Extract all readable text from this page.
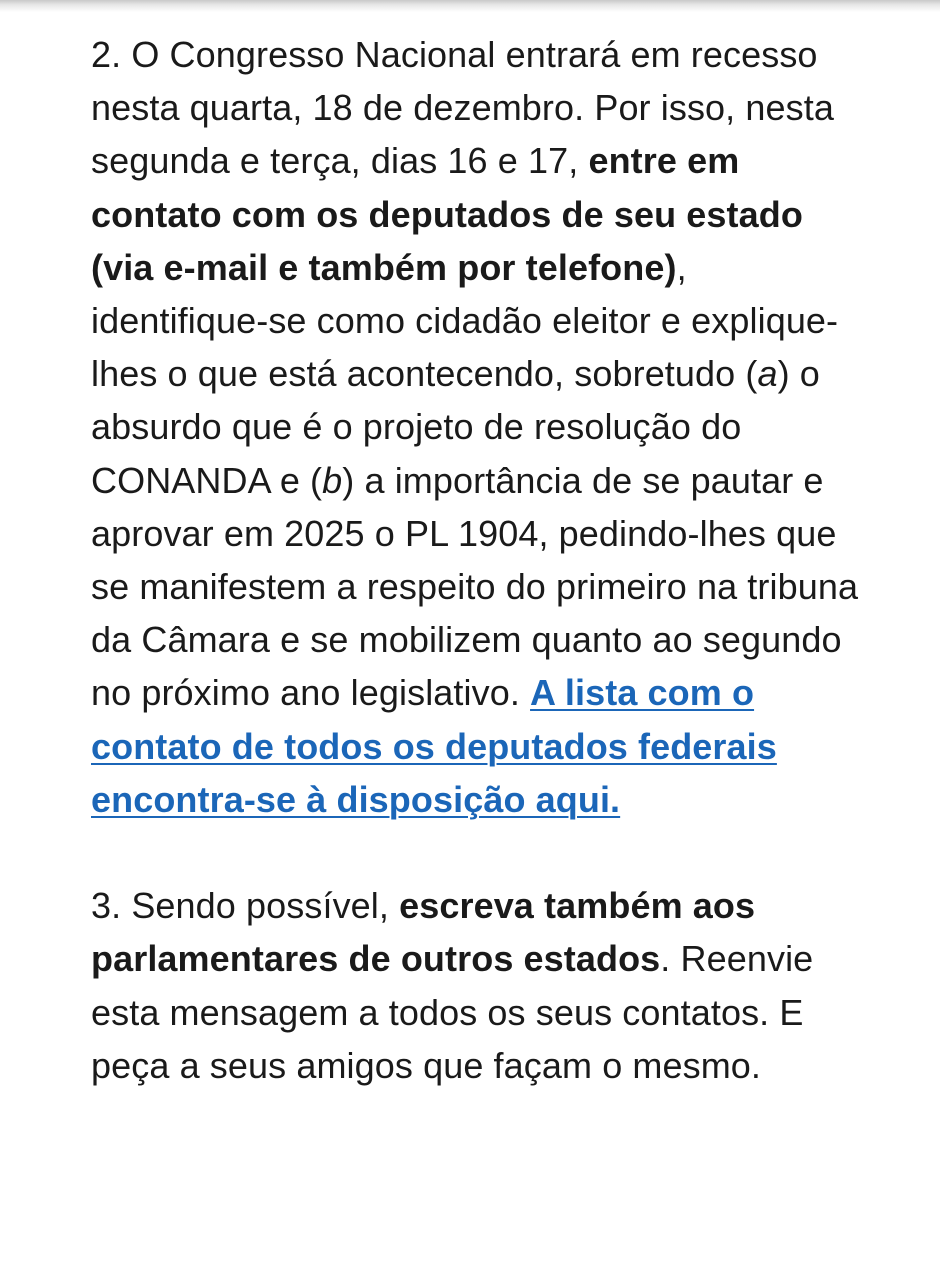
2. O Congresso Nacional entrará em recesso nesta quarta, 18 de dezembro. Por isso, nesta segunda e terça, dias 16 e 17, entre em contato com os deputados de seu estado (via e-mail e também por telefone), identifique-se como cidadão eleitor e explique-lhes o que está acontecendo, sobretudo (a) o absurdo que é o projeto de resolução do CONANDA e (b) a importância de se pautar e aprovar em 2025 o PL 1904, pedindo-lhes que se manifestem a respeito do primeiro na tribuna da Câmara e se mobilizem quanto ao segundo no próximo ano legislativo. A lista com o contato de todos os deputados federais encontra-se à disposição aqui.

3. Sendo possível, escreva também aos parlamentares de outros estados. Reenvie esta mensagem a todos os seus contatos. E peça a seus amigos que façam o mesmo.
